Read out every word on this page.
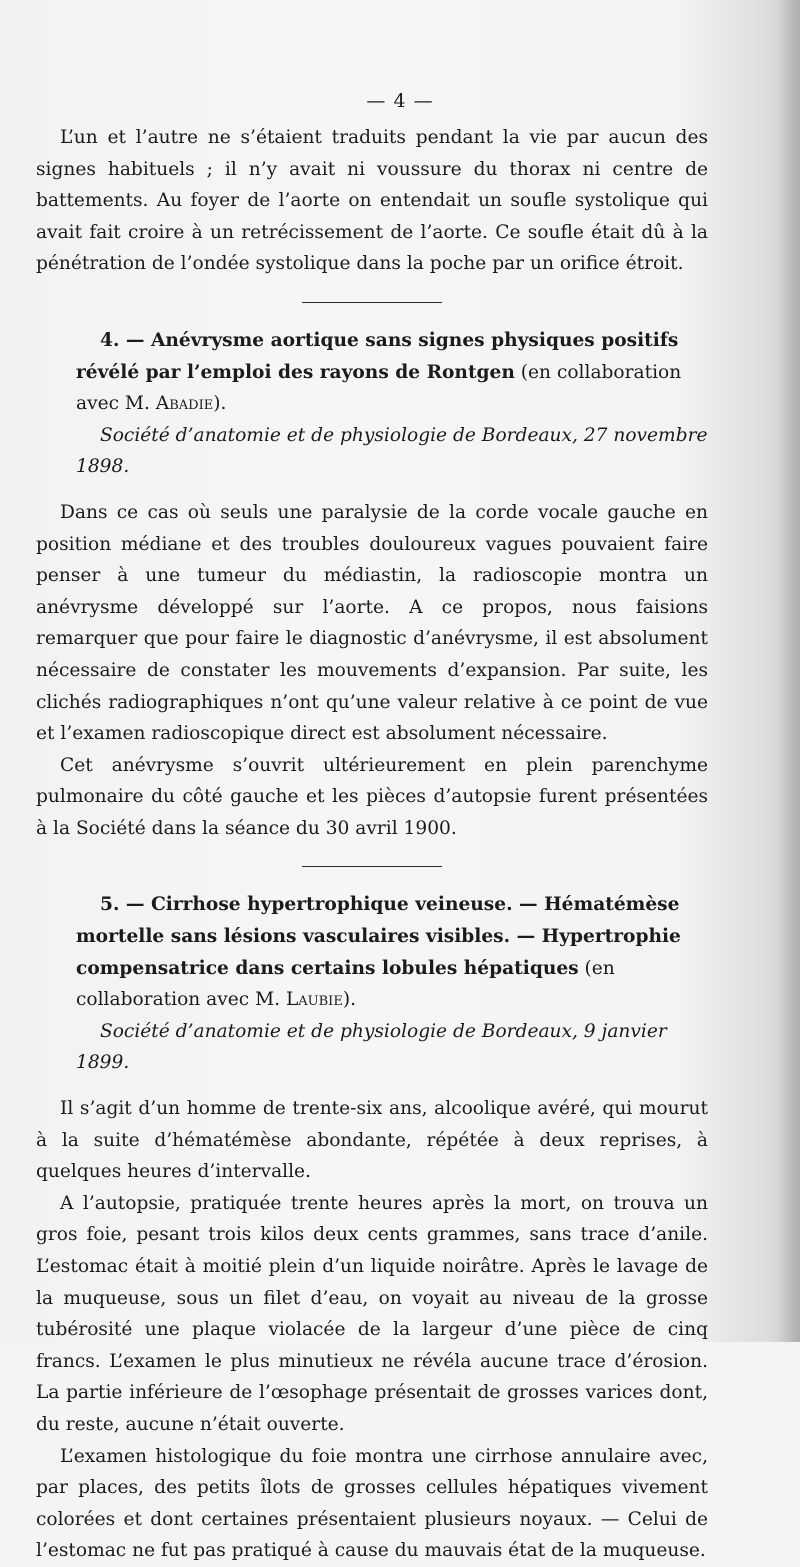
— 4 —

L’un et l’autre ne s’étaient traduits pendant la vie par aucun des signes habituels ; il n’y avait ni voussure du thorax ni centre de battements. Au foyer de l’aorte on entendait un soufle systolique qui avait fait croire à un retrécissement de l’aorte. Ce soufle était dû à la pénétration de l’ondée systolique dans la poche par un orifice étroit.

4. — Anévrysme aortique sans signes physiques positifs révélé par l’emploi des rayons de Rontgen (en collaboration avec M. Abadie).

Société d’anatomie et de physiologie de Bordeaux, 27 novembre 1898.

Dans ce cas où seuls une paralysie de la corde vocale gauche en position médiane et des troubles douloureux vagues pouvaient faire penser à une tumeur du médiastin, la radioscopie montra un anévrysme développé sur l’aorte. A ce propos, nous faisions remarquer que pour faire le diagnostic d’anévrysme, il est absolument nécessaire de constater les mouvements d’expansion. Par suite, les clichés radiographiques n’ont qu’une valeur relative à ce point de vue et l’examen radioscopique direct est absolument nécessaire.

Cet anévrysme s’ouvrit ultérieurement en plein parenchyme pulmonaire du côté gauche et les pièces d’autopsie furent présentées à la Société dans la séance du 30 avril 1900.

5. — Cirrhose hypertrophique veineuse. — Hématémèse mortelle sans lésions vasculaires visibles. — Hypertrophie compensatrice dans certains lobules hépatiques (en collaboration avec M. Laubie).

Société d’anatomie et de physiologie de Bordeaux, 9 janvier 1899.

Il s’agit d’un homme de trente-six ans, alcoolique avéré, qui mourut à la suite d’hématémèse abondante, répétée à deux reprises, à quelques heures d’intervalle.

A l’autopsie, pratiquée trente heures après la mort, on trouva un gros foie, pesant trois kilos deux cents grammes, sans trace d’anile. L’estomac était à moitié plein d’un liquide noirâtre. Après le lavage de la muqueuse, sous un filet d’eau, on voyait au niveau de la grosse tubérosité une plaque violacée de la largeur d’une pièce de cinq francs. L’examen le plus minutieux ne révéla aucune trace d’érosion. La partie inférieure de l’œsophage présentait de grosses varices dont, du reste, aucune n’était ouverte.

L’examen histologique du foie montra une cirrhose annulaire avec, par places, des petits îlots de grosses cellules hépatiques vivement colorées et dont certaines présentaient plusieurs noyaux. — Celui de l’estomac ne fut pas pratiqué à cause du mauvais état de la muqueuse.
